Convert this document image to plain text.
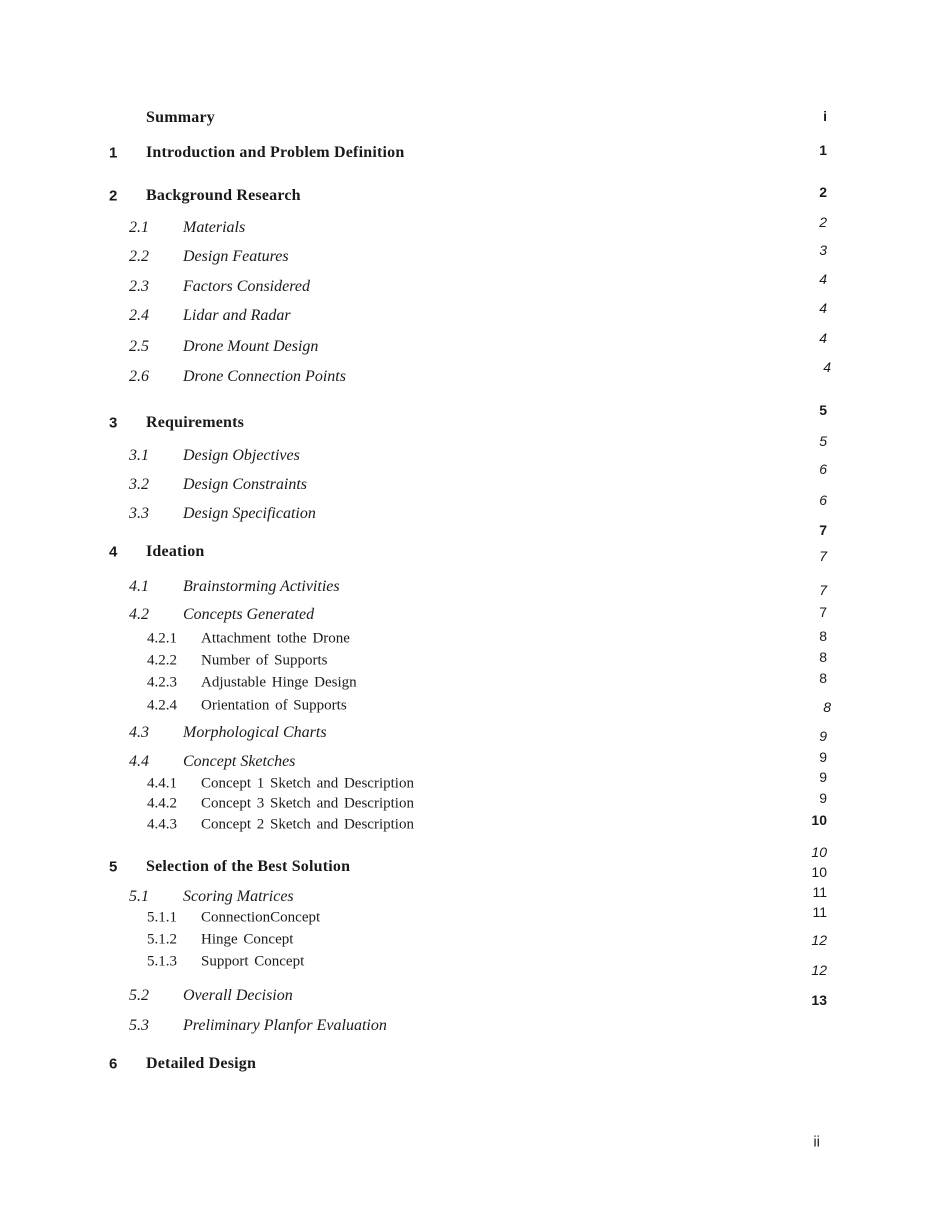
Summary
1 Introduction and Problem Definition
2 Background Research
2.1 Materials
2.2 Design Features
2.3 Factors Considered
2.4 Lidar and Radar
2.5 Drone Mount Design
2.6 Drone Connection Points
3 Requirements
3.1 Design Objectives
3.2 Design Constraints
3.3 Design Specification
4 Ideation
4.1 Brainstorming Activities
4.2 Concepts Generated
4.2.1 Attachment tothe Drone
4.2.2 Number of Supports
4.2.3 Adjustable Hinge Design
4.2.4 Orientation of Supports
4.3 Morphological Charts
4.4 Concept Sketches
4.4.1 Concept 1 Sketch and Description
4.4.2 Concept 3 Sketch and Description
4.4.3 Concept 2 Sketch and Description
5 Selection of the Best Solution
5.1 Scoring Matrices
5.1.1 ConnectionConcept
5.1.2 Hinge Concept
5.1.3 Support Concept
5.2 Overall Decision
5.3 Preliminary Planfor Evaluation
6 Detailed Design
i
1
2
2
3
4
4
4
4
5
5
6
6
7
7
7
7
8
8
8
8
9
9
9
9
10
10
10
11
11
12
12
13
ii
